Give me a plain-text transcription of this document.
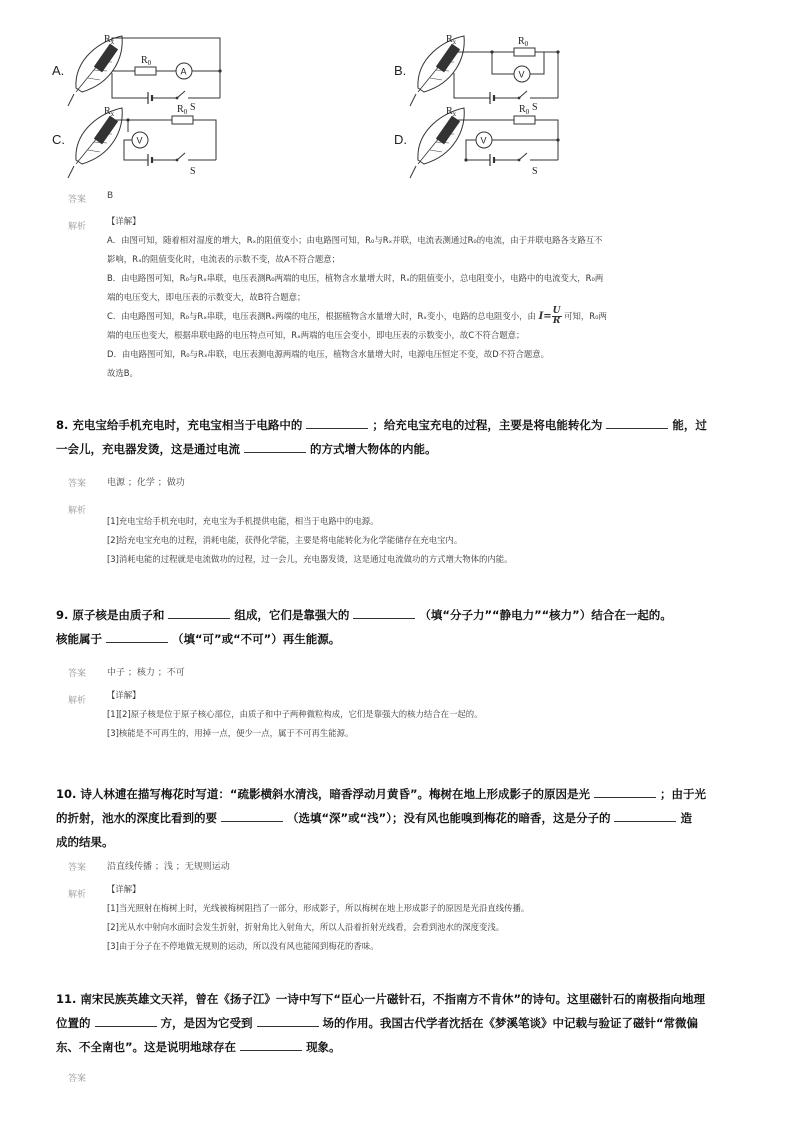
A.
$R_x$
$R_0$
A
S
B.
$R_x$	$R_0$
V
S
C.
$R_x$	$R_0$
V
S
D.
$R_x$	$R_0$
V
S
答案 B
解析
【详解】
A．由图可知，随着相对湿度的增大，Rₓ的阻值变小；由电路图可知，R₀与Rₓ并联，电流表测通过R₀的电流，由于并联电路各支路互不
影响，Rₓ的阻值变化时，电流表的示数不变，故A不符合题意；
B．由电路图可知，R₀与Rₓ串联，电压表测R₀两端的电压，植物含水量增大时，Rₓ的阻值变小，总电阻变小，电路中的电流变大，R₀两
端的电压变大，即电压表的示数变大，故B符合题意；
C．由电路图可知，R₀与Rₓ串联，电压表测Rₓ两端的电压，根据植物含水量增大时，Rₓ变小，电路的总电阻变小，由 $I= \frac{U}{R}$ 可知，R₀两
端的电压也变大，根据串联电路的电压特点可知，Rₓ两端的电压会变小，即电压表的示数变小，故C不符合题意；
D．由电路图可知，R₀与Rₓ串联，电压表测电源两端的电压，植物含水量增大时，电源电压恒定不变，故D不符合题意。
故选B。
8. 充电宝给手机充电时，充电宝相当于电路中的	；给充电宝充电的过程，主要是将电能转化为	能，过
一会儿，充电器发烫，这是通过电流	的方式增大物体的内能。
答案 电源 ；化学 ；做功
解析
[1]充电宝给手机充电时，充电宝为手机提供电能，相当于电路中的电源。
[2]给充电宝充电的过程，消耗电能，获得化学能，主要是将电能转化为化学能储存在充电宝内。
[3]消耗电能的过程就是电流做功的过程，过一会儿，充电器发烫，这是通过电流做功的方式增大物体的内能。
9. 原子核是由质子和	组成，它们是靠强大的	（填“分子力”“静电力”“核力”）结合在一起的。
核能属于	（填“可”或“不可”）再生能源。
答案 中子 ；核力 ；不可
解析
【详解】
[1][2]原子核是位于原子核心部位，由质子和中子两种微粒构成，它们是靠强大的核力结合在一起的。
[3]核能是不可再生的，用掉一点，便少一点，属于不可再生能源。
10. 诗人林逋在描写梅花时写道：“疏影横斜水清浅，暗香浮动月黄昏”。梅树在地上形成影子的原因是光	；由于光
的折射，池水的深度比看到的要	（选填“深”或“浅”）；没有风也能嗅到梅花的暗香，这是分子的	造
成的结果。
答案 沿直线传播 ；浅 ；无规则运动
解析
【详解】
[1]当光照射在梅树上时，光线被梅树阻挡了一部分，形成影子，所以梅树在地上形成影子的原因是光沿直线传播。
[2]光从水中射向水面时会发生折射，折射角比入射角大，所以人沿着折射光线看，会看到池水的深度变浅。
[3]由于分子在不停地做无规则的运动，所以没有风也能闻到梅花的香味。
11. 南宋民族英雄文天祥，曾在《扬子江》一诗中写下“臣心一片磁针石，不指南方不肯休”的诗句。这里磁针石的南极指向地理
位置的	方，是因为它受到	场的作用。我国古代学者沈括在《梦溪笔谈》中记载与验证了磁针“常微偏
东、不全南也”。这是说明地球存在	现象。
答案
